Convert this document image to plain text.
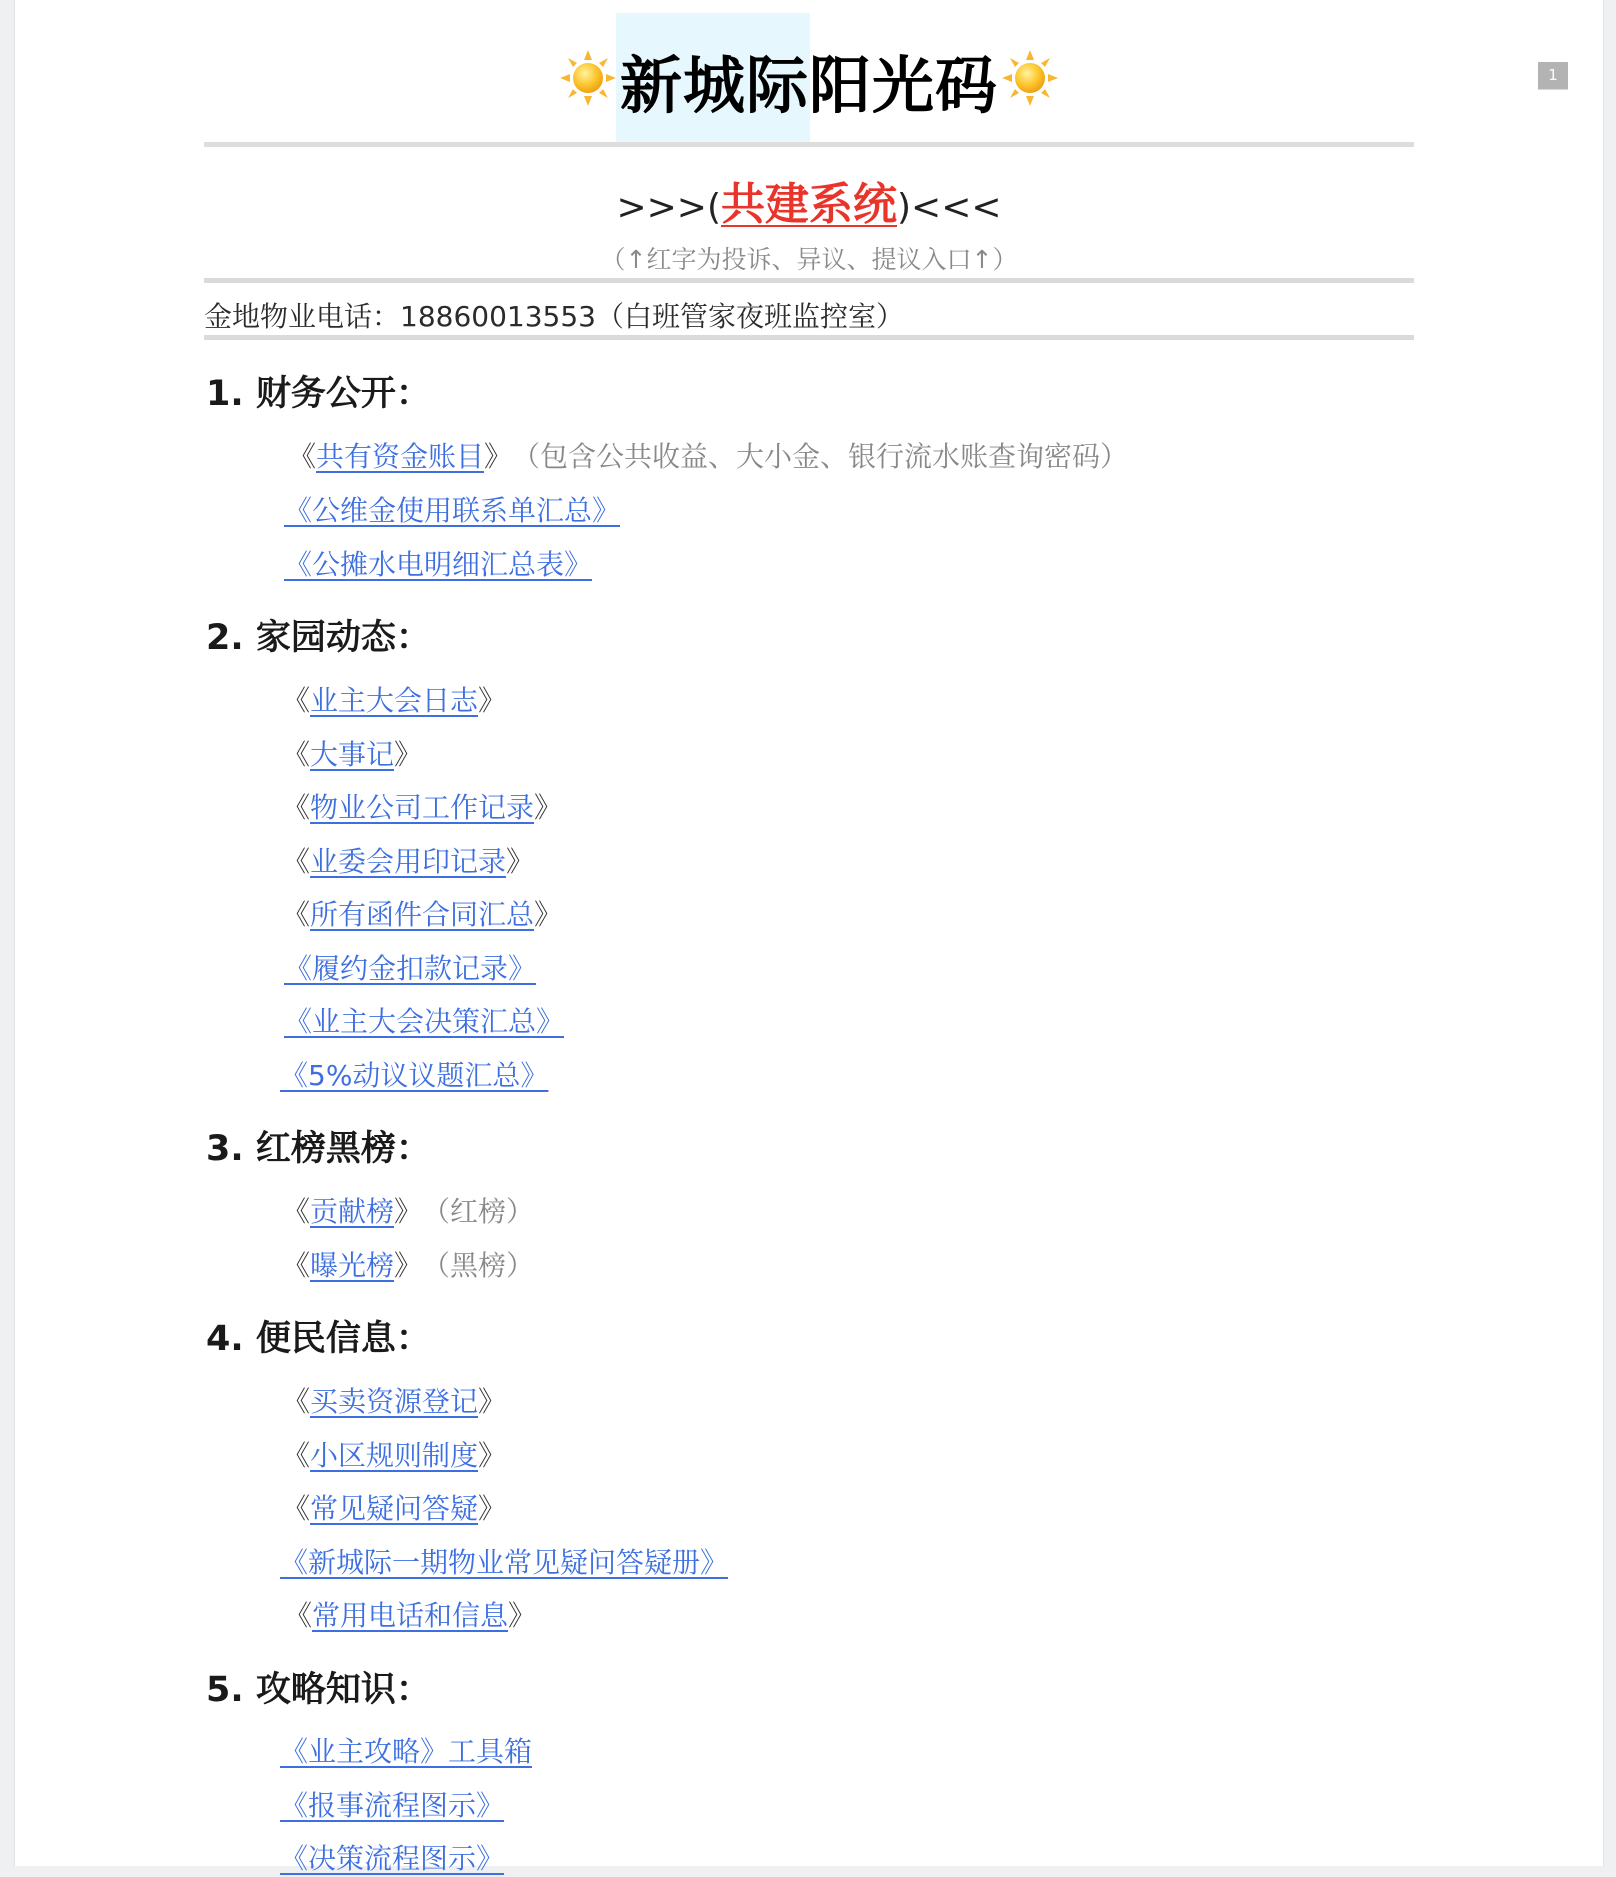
1
新城际阳光码
>>>(共建系统)<<<
（↑红字为投诉、异议、提议入口↑）
金地物业电话：18860013553（白班管家夜班监控室）
1. 财务公开：
《共有资金账目》 （包含公共收益、大小金、银行流水账查询密码）
《公维金使用联系单汇总》
《公摊水电明细汇总表》
2. 家园动态：
《业主大会日志》
《大事记》
《物业公司工作记录》
《业委会用印记录》
《所有函件合同汇总》
《履约金扣款记录》
《业主大会决策汇总》
《5%动议议题汇总》
3. 红榜黑榜：
《贡献榜》 （红榜）
《曝光榜》 （黑榜）
4. 便民信息：
《买卖资源登记》
《小区规则制度》
《常见疑问答疑》
《新城际一期物业常见疑问答疑册》
《常用电话和信息》
5. 攻略知识：
《业主攻略》工具箱
《报事流程图示》
《决策流程图示》
